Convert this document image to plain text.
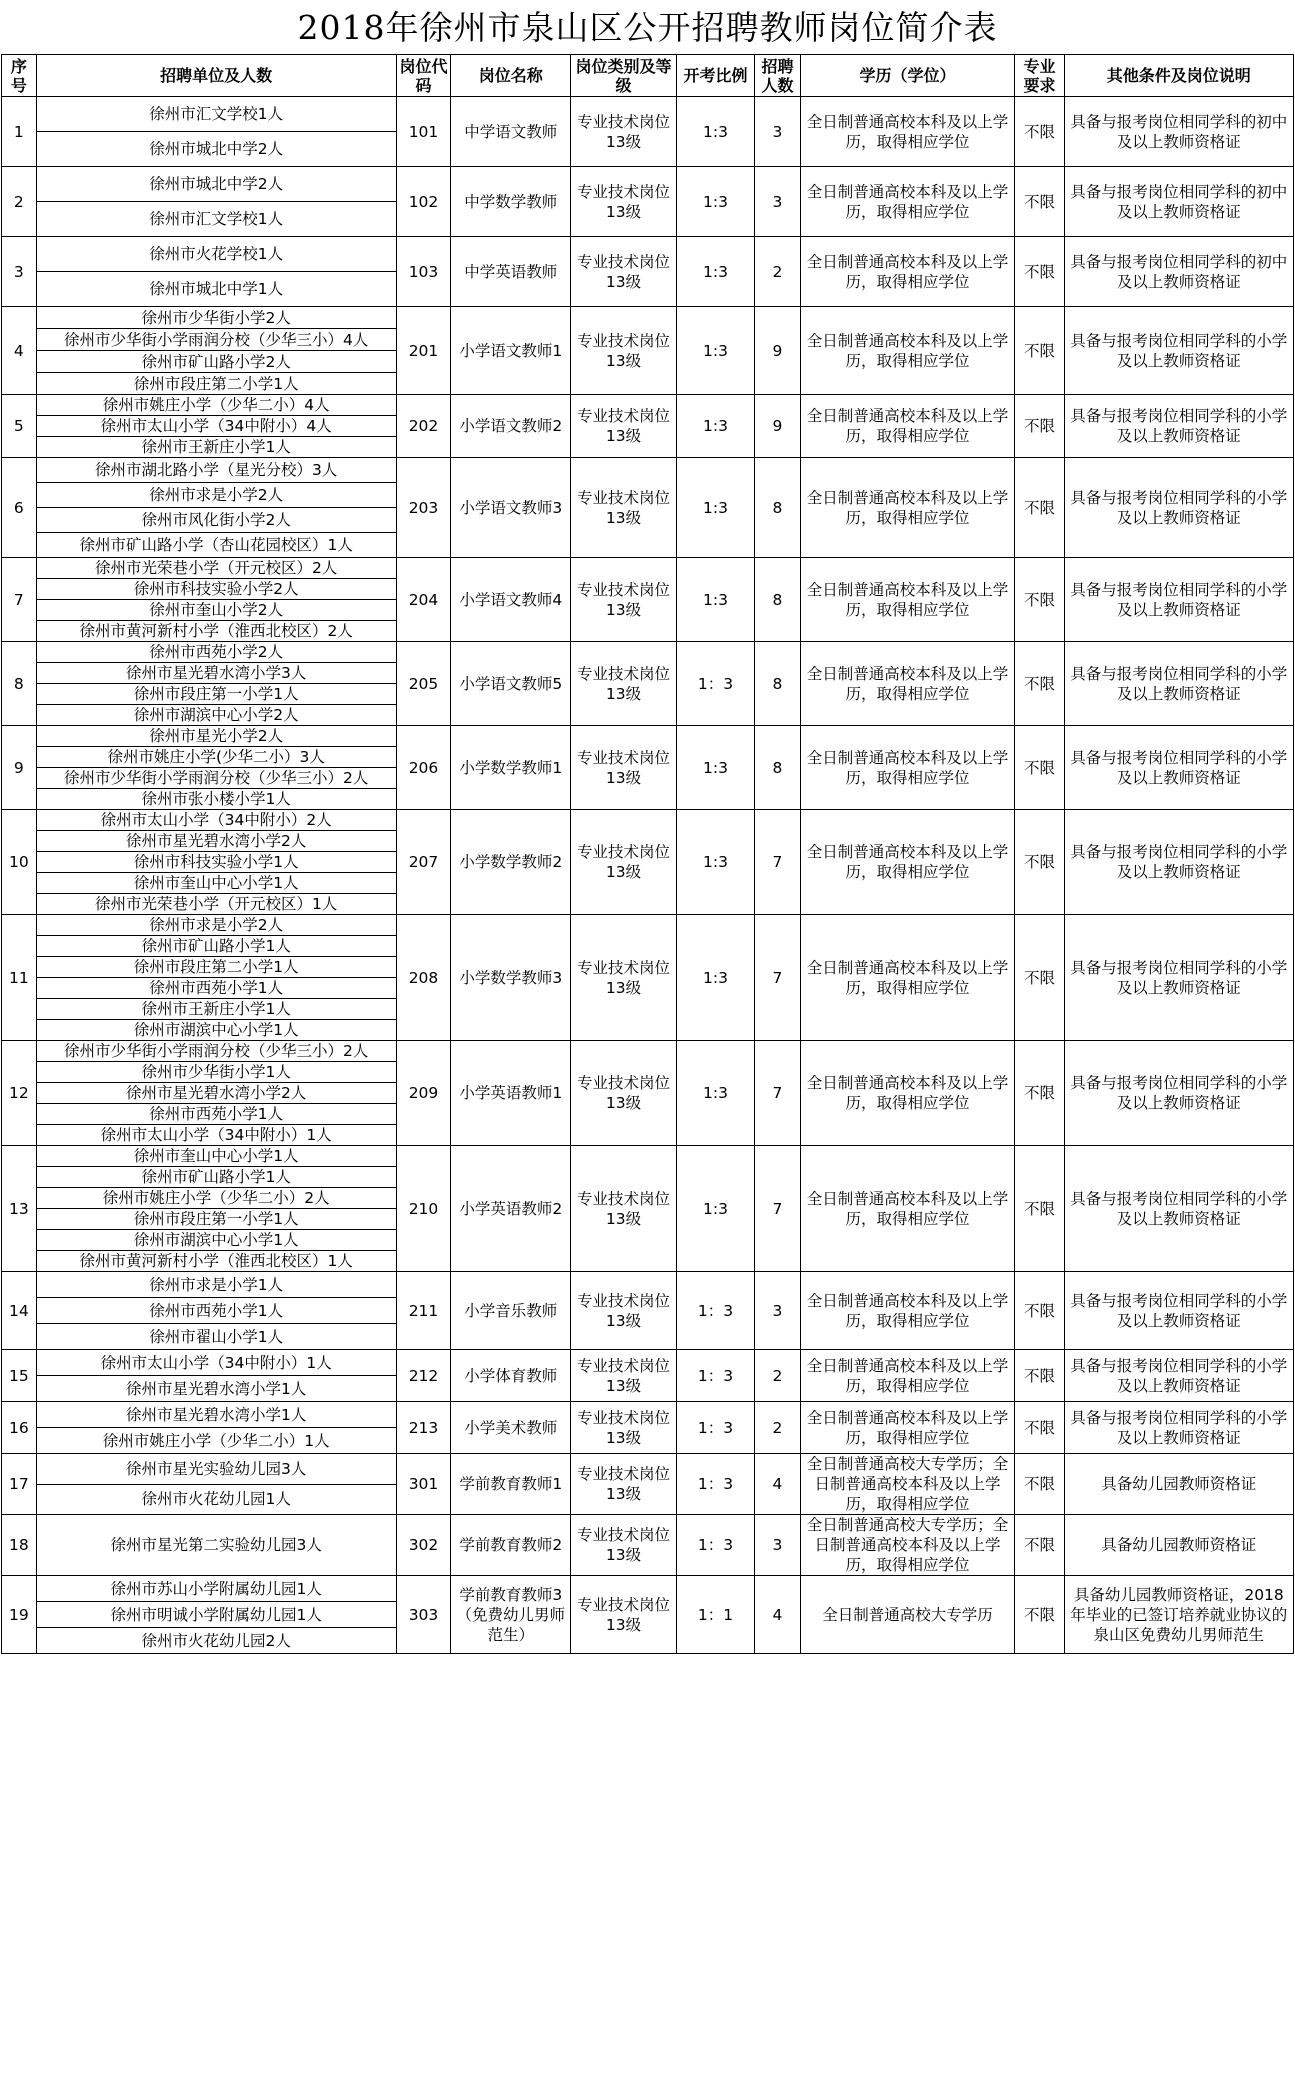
2018年徐州市泉山区公开招聘教师岗位简介表
序号	招聘单位及人数	岗位代码	岗位名称	岗位类别及等级	开考比例	招聘人数	学历（学位）	专业要求	其他条件及岗位说明
1	徐州市汇文学校1人	101	中学语文教师	专业技术岗位13级	1:3	3	全日制普通高校本科及以上学历，取得相应学位	不限	具备与报考岗位相同学科的初中及以上教师资格证
	徐州市城北中学2人								
2	徐州市城北中学2人	102	中学数学教师	专业技术岗位13级	1:3	3	全日制普通高校本科及以上学历，取得相应学位	不限	具备与报考岗位相同学科的初中及以上教师资格证
	徐州市汇文学校1人								
3	徐州市火花学校1人	103	中学英语教师	专业技术岗位13级	1:3	2	全日制普通高校本科及以上学历，取得相应学位	不限	具备与报考岗位相同学科的初中及以上教师资格证
	徐州市城北中学1人								
4	徐州市少华街小学2人	201	小学语文教师1	专业技术岗位13级	1:3	9	全日制普通高校本科及以上学历，取得相应学位	不限	具备与报考岗位相同学科的小学及以上教师资格证
	徐州市少华街小学雨润分校（少华三小）4人								
	徐州市矿山路小学2人								
	徐州市段庄第二小学1人								
5	徐州市姚庄小学（少华二小）4人	202	小学语文教师2	专业技术岗位13级	1:3	9	全日制普通高校本科及以上学历，取得相应学位	不限	具备与报考岗位相同学科的小学及以上教师资格证
	徐州市太山小学（34中附小）4人								
	徐州市王新庄小学1人								
6	徐州市湖北路小学（星光分校）3人	203	小学语文教师3	专业技术岗位13级	1:3	8	全日制普通高校本科及以上学历，取得相应学位	不限	具备与报考岗位相同学科的小学及以上教师资格证
	徐州市求是小学2人								
	徐州市风化街小学2人								
	徐州市矿山路小学（杏山花园校区）1人								
7	徐州市光荣巷小学（开元校区）2人	204	小学语文教师4	专业技术岗位13级	1:3	8	全日制普通高校本科及以上学历，取得相应学位	不限	具备与报考岗位相同学科的小学及以上教师资格证
	徐州市科技实验小学2人								
	徐州市奎山小学2人								
	徐州市黄河新村小学（淮西北校区）2人								
8	徐州市西苑小学2人	205	小学语文教师5	专业技术岗位13级	1：3	8	全日制普通高校本科及以上学历，取得相应学位	不限	具备与报考岗位相同学科的小学及以上教师资格证
	徐州市星光碧水湾小学3人								
	徐州市段庄第一小学1人								
	徐州市湖滨中心小学2人								
9	徐州市星光小学2人	206	小学数学教师1	专业技术岗位13级	1:3	8	全日制普通高校本科及以上学历，取得相应学位	不限	具备与报考岗位相同学科的小学及以上教师资格证
	徐州市姚庄小学(少华二小）3人								
	徐州市少华街小学雨润分校（少华三小）2人								
	徐州市张小楼小学1人								
10	徐州市太山小学（34中附小）2人	207	小学数学教师2	专业技术岗位13级	1:3	7	全日制普通高校本科及以上学历，取得相应学位	不限	具备与报考岗位相同学科的小学及以上教师资格证
	徐州市星光碧水湾小学2人								
	徐州市科技实验小学1人								
	徐州市奎山中心小学1人								
	徐州市光荣巷小学（开元校区）1人								
11	徐州市求是小学2人	208	小学数学教师3	专业技术岗位13级	1:3	7	全日制普通高校本科及以上学历，取得相应学位	不限	具备与报考岗位相同学科的小学及以上教师资格证
	徐州市矿山路小学1人								
	徐州市段庄第二小学1人								
	徐州市西苑小学1人								
	徐州市王新庄小学1人								
	徐州市湖滨中心小学1人								
12	徐州市少华街小学雨润分校（少华三小）2人	209	小学英语教师1	专业技术岗位13级	1:3	7	全日制普通高校本科及以上学历，取得相应学位	不限	具备与报考岗位相同学科的小学及以上教师资格证
	徐州市少华街小学1人								
	徐州市星光碧水湾小学2人								
	徐州市西苑小学1人								
	徐州市太山小学（34中附小）1人								
13	徐州市奎山中心小学1人	210	小学英语教师2	专业技术岗位13级	1:3	7	全日制普通高校本科及以上学历，取得相应学位	不限	具备与报考岗位相同学科的小学及以上教师资格证
	徐州市矿山路小学1人								
	徐州市姚庄小学（少华二小）2人								
	徐州市段庄第一小学1人								
	徐州市湖滨中心小学1人								
	徐州市黄河新村小学（淮西北校区）1人								
14	徐州市求是小学1人	211	小学音乐教师	专业技术岗位13级	1：3	3	全日制普通高校本科及以上学历，取得相应学位	不限	具备与报考岗位相同学科的小学及以上教师资格证
	徐州市西苑小学1人								
	徐州市翟山小学1人								
15	徐州市太山小学（34中附小）1人	212	小学体育教师	专业技术岗位13级	1：3	2	全日制普通高校本科及以上学历，取得相应学位	不限	具备与报考岗位相同学科的小学及以上教师资格证
	徐州市星光碧水湾小学1人								
16	徐州市星光碧水湾小学1人	213	小学美术教师	专业技术岗位13级	1：3	2	全日制普通高校本科及以上学历，取得相应学位	不限	具备与报考岗位相同学科的小学及以上教师资格证
	徐州市姚庄小学（少华二小）1人								
17	徐州市星光实验幼儿园3人	301	学前教育教师1	专业技术岗位13级	1：3	4	全日制普通高校大专学历；全日制普通高校本科及以上学历，取得相应学位	不限	具备幼儿园教师资格证
	徐州市火花幼儿园1人								
18	徐州市星光第二实验幼儿园3人	302	学前教育教师2	专业技术岗位13级	1：3	3	全日制普通高校大专学历；全日制普通高校本科及以上学历，取得相应学位	不限	具备幼儿园教师资格证
19	徐州市苏山小学附属幼儿园1人	303	学前教育教师3（免费幼儿男师范生）	专业技术岗位13级	1：1	4	全日制普通高校大专学历	不限	具备幼儿园教师资格证，2018年毕业的已签订培养就业协议的泉山区免费幼儿男师范生
	徐州市明诚小学附属幼儿园1人								
	徐州市火花幼儿园2人								
